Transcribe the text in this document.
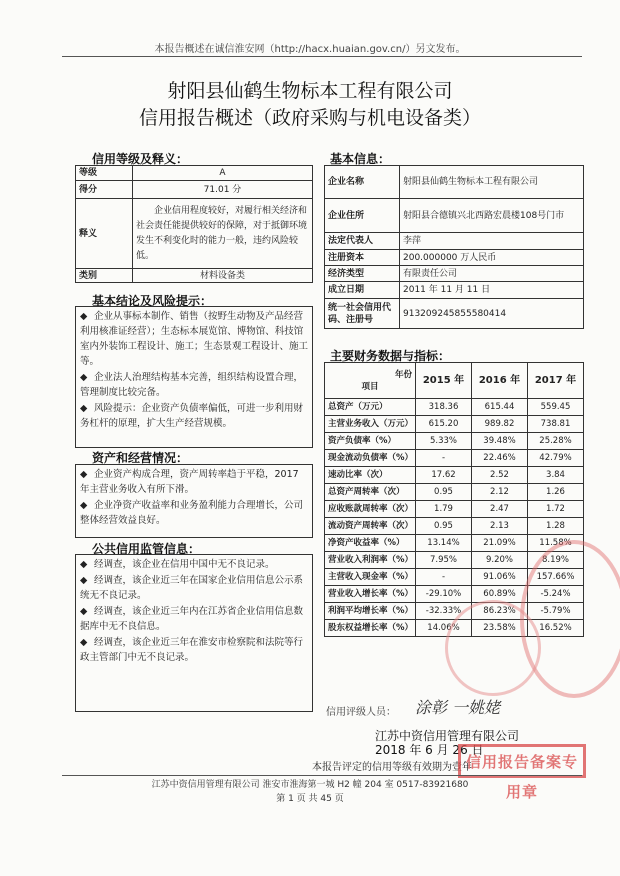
本报告概述在诚信淮安网（http://hacx.huaian.gov.cn/）另文发布。
射阳县仙鹤生物标本工程有限公司
信用报告概述（政府采购与机电设备类）
信用等级及释义：
等级	A
得分	71.01 分
释义	企业信用程度较好，对履行相关经济和社会责任能提供较好的保障，对于抵御环境发生不利变化时的能力一般，违约风险较低。
类别	材料设备类
基本结论及风险提示：

◆ 企业从事标本制作、销售（按野生动物及产品经营利用核准证经营）；生态标本展览馆、博物馆、科技馆室内外装饰工程设计、施工；生态景观工程设计、施工等。

◆ 企业法人治理结构基本完善，组织结构设置合理，管理制度比较完备。

◆ 风险提示：企业资产负债率偏低，可进一步利用财务杠杆的原理，扩大生产经营规模。

资产和经营情况：

◆ 企业资产构成合理，资产周转率趋于平稳，2017 年主营业务收入有所下滑。

◆ 企业净资产收益率和业务盈利能力合理增长，公司整体经营效益良好。

公共信用监管信息：

◆ 经调查，该企业在信用中国中无不良记录。

◆ 经调查，该企业近三年在国家企业信用信息公示系统无不良记录。

◆ 经调查，该企业近三年内在江苏省企业信用信息数据库中无不良信息。

◆ 经调查，该企业近三年在淮安市检察院和法院等行政主管部门中无不良记录。

基本信息：
企业名称	射阳县仙鹤生物标本工程有限公司
企业住所	射阳县合德镇兴北西路宏晨楼108号门市
法定代表人	李萍
注册资本	200.000000 万人民币
经济类型	有限责任公司
成立日期	2011 年 11 月 11 日
统一社会信用代码、注册号	913209245855580414
主要财务数据与指标：
年份
项目	2015 年	2016 年	2017 年
总资产（万元）	318.36	615.44	559.45
主营业务收入（万元）	615.20	989.82	738.81
资产负债率（%）	5.33%	39.48%	25.28%
现金流动负债率（%）	-	22.46%	42.79%
速动比率（次）	17.62	2.52	3.84
总资产周转率（次）	0.95	2.12	1.26
应收账款周转率（次）	1.79	2.47	1.72
流动资产周转率（次）	0.95	2.13	1.28
净资产收益率（%）	13.14%	21.09%	11.58%
营业收入利润率（%）	7.95%	9.20%	8.19%
主营收入现金率（%）	-	91.06%	157.66%
营业收入增长率（%）	-29.10%	60.89%	-5.24%
利润平均增长率（%）	-32.33%	86.23%	-5.79%
股东权益增长率（%）	14.06%	23.58%	16.52%
信用评级人员： 涂彰 一姚姥
江苏中资信用管理有限公司
2018 年 6 月 26 日
本报告评定的信用等级有效期为壹年
信用报告备案专用章
江苏中资信用管理有限公司 淮安市淮海第一城 H2 幢 204 室 0517-83921680
第 1 页 共 45 页
